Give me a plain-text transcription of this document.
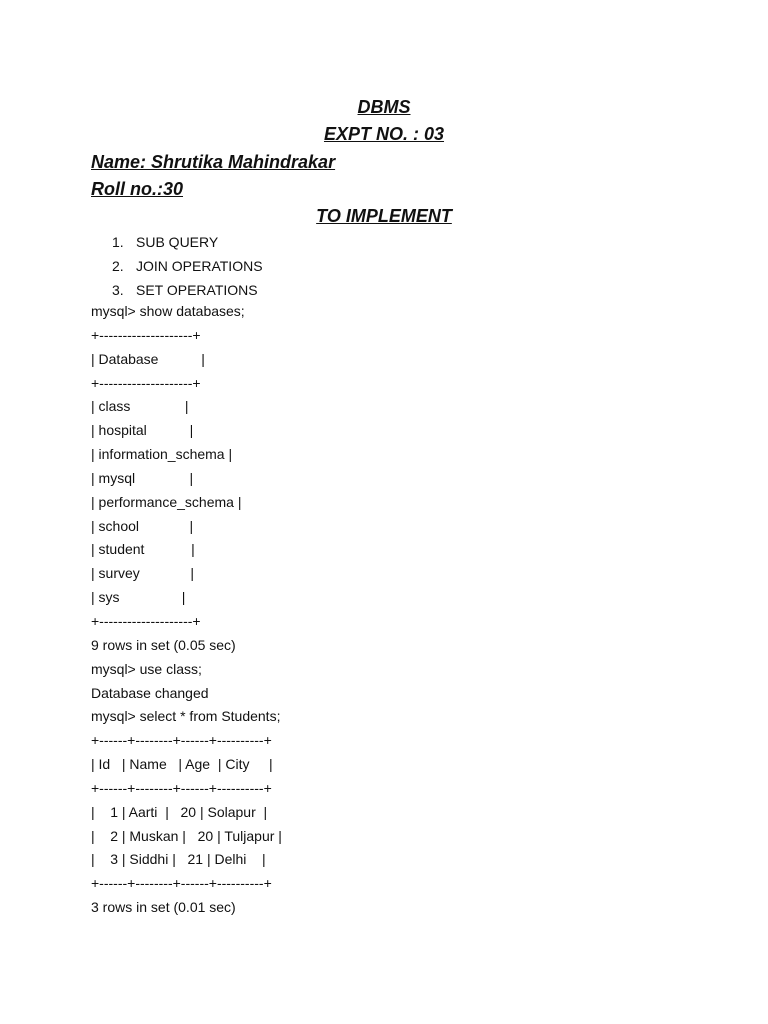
DBMS
EXPT NO. : 03
Name: Shrutika Mahindrakar
Roll no.:30
TO IMPLEMENT
1. SUB QUERY
2. JOIN OPERATIONS
3. SET OPERATIONS
mysql> show databases;
+--------------------+
| Database           |
+--------------------+
| class              |
| hospital           |
| information_schema |
| mysql              |
| performance_schema |
| school             |
| student            |
| survey             |
| sys                |
+--------------------+
9 rows in set (0.05 sec)
mysql> use class;
Database changed
mysql> select * from Students;
+------+--------+------+----------+
| Id   | Name   | Age  | City     |
+------+--------+------+----------+
|    1 | Aarti  |   20 | Solapur  |
|    2 | Muskan |   20 | Tuljapur |
|    3 | Siddhi |   21 | Delhi    |
+------+--------+------+----------+
3 rows in set (0.01 sec)
